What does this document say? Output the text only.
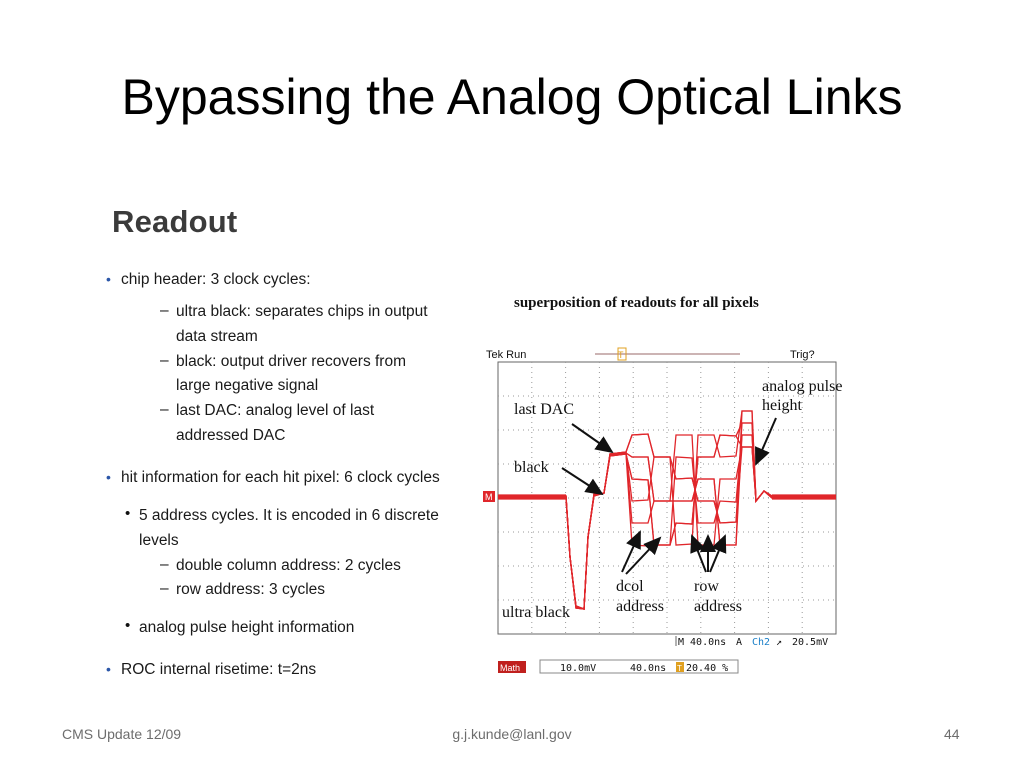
Bypassing the Analog Optical Links
Readout
• chip header: 3 clock cycles:
– ultra black: separates chips in output
data stream
– black: output driver recovers from
large negative signal
– last DAC: analog level of last
addressed DAC
• hit information for each hit pixel: 6 clock cycles
• 5 address cycles. It is encoded in 6 discrete
levels
– double column address: 2 cycles
– row address: 3 cycles
• analog pulse height information
• ROC internal risetime: t=2ns
superposition of readouts for all pixels
Tek Run	T	Trig?
M
last DAC
black
analog pulse
height
dcol
address
row
address
ultra black
M 40.0ns A Ch2 ↗ 20.5mV
Math	10.0mV	40.0ns T 20.40 %
CMS Update 12/09	g.j.kunde@lanl.gov	44
